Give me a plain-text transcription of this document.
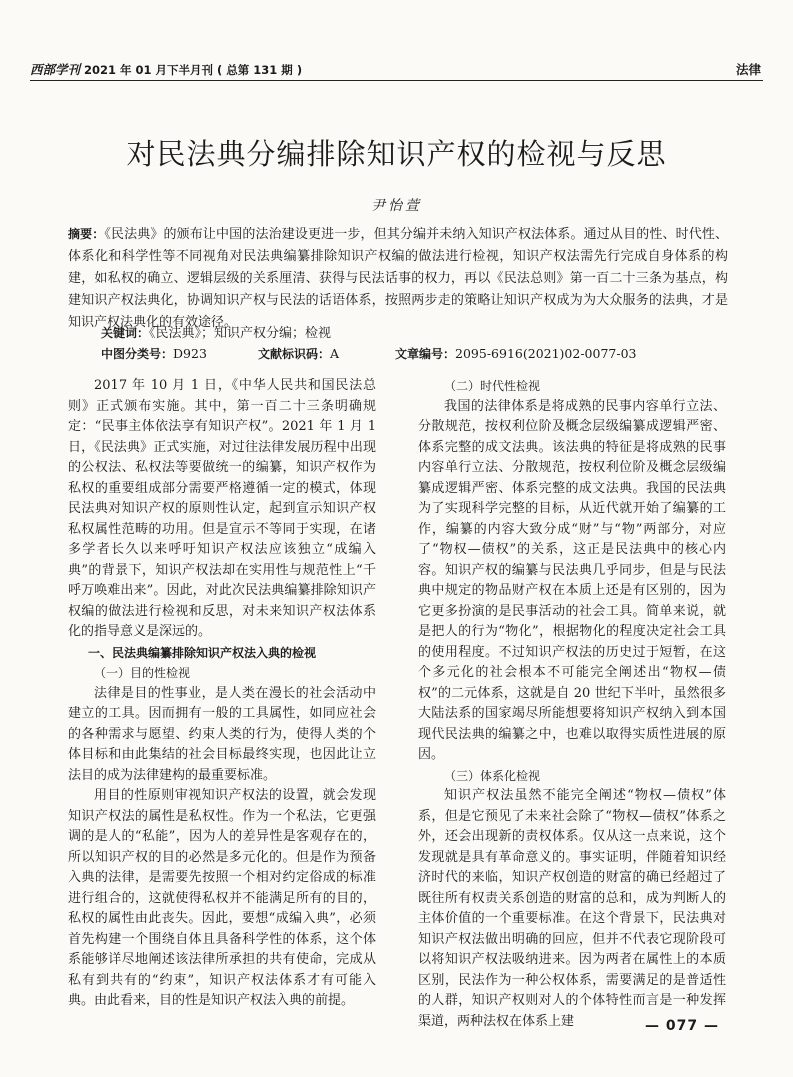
西部学刊 2021 年 01 月下半月刊 ( 总第 131 期 )	法律
对民法典分编排除知识产权的检视与反思
尹怡萱
摘要：《民法典》的颁布让中国的法治建设更进一步，但其分编并未纳入知识产权法体系。通过从目的性、时代性、体系化和科学性等不同视角对民法典编纂排除知识产权编的做法进行检视，知识产权法需先行完成自身体系的构建，如私权的确立、逻辑层级的关系厘清、获得与民法话事的权力，再以《民法总则》第一百二十三条为基点，构建知识产权法典化，协调知识产权与民法的话语体系，按照两步走的策略让知识产权成为为大众服务的法典，才是知识产权法典化的有效途径。
关键词：《民法典》；知识产权分编；检视
中图分类号：D923	文献标识码：A	文章编号：2095-6916(2021)02-0077-03

2017 年 10 月 1 日，《中华人民共和国民法总则》正式颁布实施。其中，第一百二十三条明确规定：“民事主体依法享有知识产权”。2021 年 1 月 1 日，《民法典》正式实施，对过往法律发展历程中出现的公权法、私权法等要做统一的编纂，知识产权作为私权的重要组成部分需要严格遵循一定的模式，体现民法典对知识产权的原则性认定，起到宣示知识产权私权属性范畴的功用。但是宣示不等同于实现，在诸多学者长久以来呼吁知识产权法应该独立“成编入典”的背景下，知识产权法却在实用性与规范性上“千呼万唤难出来”。因此，对此次民法典编纂排除知识产权编的做法进行检视和反思，对未来知识产权法体系化的指导意义是深远的。

一、民法典编纂排除知识产权法入典的检视
（一）目的性检视

法律是目的性事业，是人类在漫长的社会活动中建立的工具。因而拥有一般的工具属性，如同应社会的各种需求与愿望、约束人类的行为，使得人类的个体目标和由此集结的社会目标最终实现，也因此让立法目的成为法律建构的最重要标准。

用目的性原则审视知识产权法的设置，就会发现知识产权法的属性是私权性。作为一个私法，它更强调的是人的“私能”，因为人的差异性是客观存在的，所以知识产权的目的必然是多元化的。但是作为预备入典的法律，是需要先按照一个相对约定俗成的标准进行组合的，这就使得私权并不能满足所有的目的，私权的属性由此丧失。因此，要想“成编入典”，必须首先构建一个围绕自体且具备科学性的体系，这个体系能够详尽地阐述该法律所承担的共有使命，完成从私有到共有的“约束”，知识产权法体系才有可能入典。由此看来，目的性是知识产权法入典的前提。

（二）时代性检视

我国的法律体系是将成熟的民事内容单行立法、分散规范，按权利位阶及概念层级编纂成逻辑严密、体系完整的成文法典。该法典的特征是将成熟的民事内容单行立法、分散规范，按权利位阶及概念层级编纂成逻辑严密、体系完整的成文法典。我国的民法典为了实现科学完整的目标，从近代就开始了编纂的工作，编纂的内容大致分成“财”与“物”两部分，对应了“物权—债权”的关系，这正是民法典中的核心内容。知识产权的编纂与民法典几乎同步，但是与民法典中规定的物品财产权在本质上还是有区别的，因为它更多扮演的是民事活动的社会工具。简单来说，就是把人的行为“物化”，根据物化的程度决定社会工具的使用程度。不过知识产权法的历史过于短暂，在这个多元化的社会根本不可能完全阐述出“物权—债权”的二元体系，这就是自 20 世纪下半叶，虽然很多大陆法系的国家竭尽所能想要将知识产权纳入到本国现代民法典的编纂之中，也难以取得实质性进展的原因。

（三）体系化检视

知识产权法虽然不能完全阐述“物权—债权”体系，但是它预见了未来社会除了“物权—债权”体系之外，还会出现新的责权体系。仅从这一点来说，这个发现就是具有革命意义的。事实证明，伴随着知识经济时代的来临，知识产权创造的财富的确已经超过了既往所有权责关系创造的财富的总和，成为判断人的主体价值的一个重要标准。在这个背景下，民法典对知识产权法做出明确的回应，但并不代表它现阶段可以将知识产权法吸纳进来。因为两者在属性上的本质区别，民法作为一种公权体系，需要满足的是普适性的人群，知识产权则对人的个体特性而言是一种发挥渠道，两种法权在体系上建	— 077 —
